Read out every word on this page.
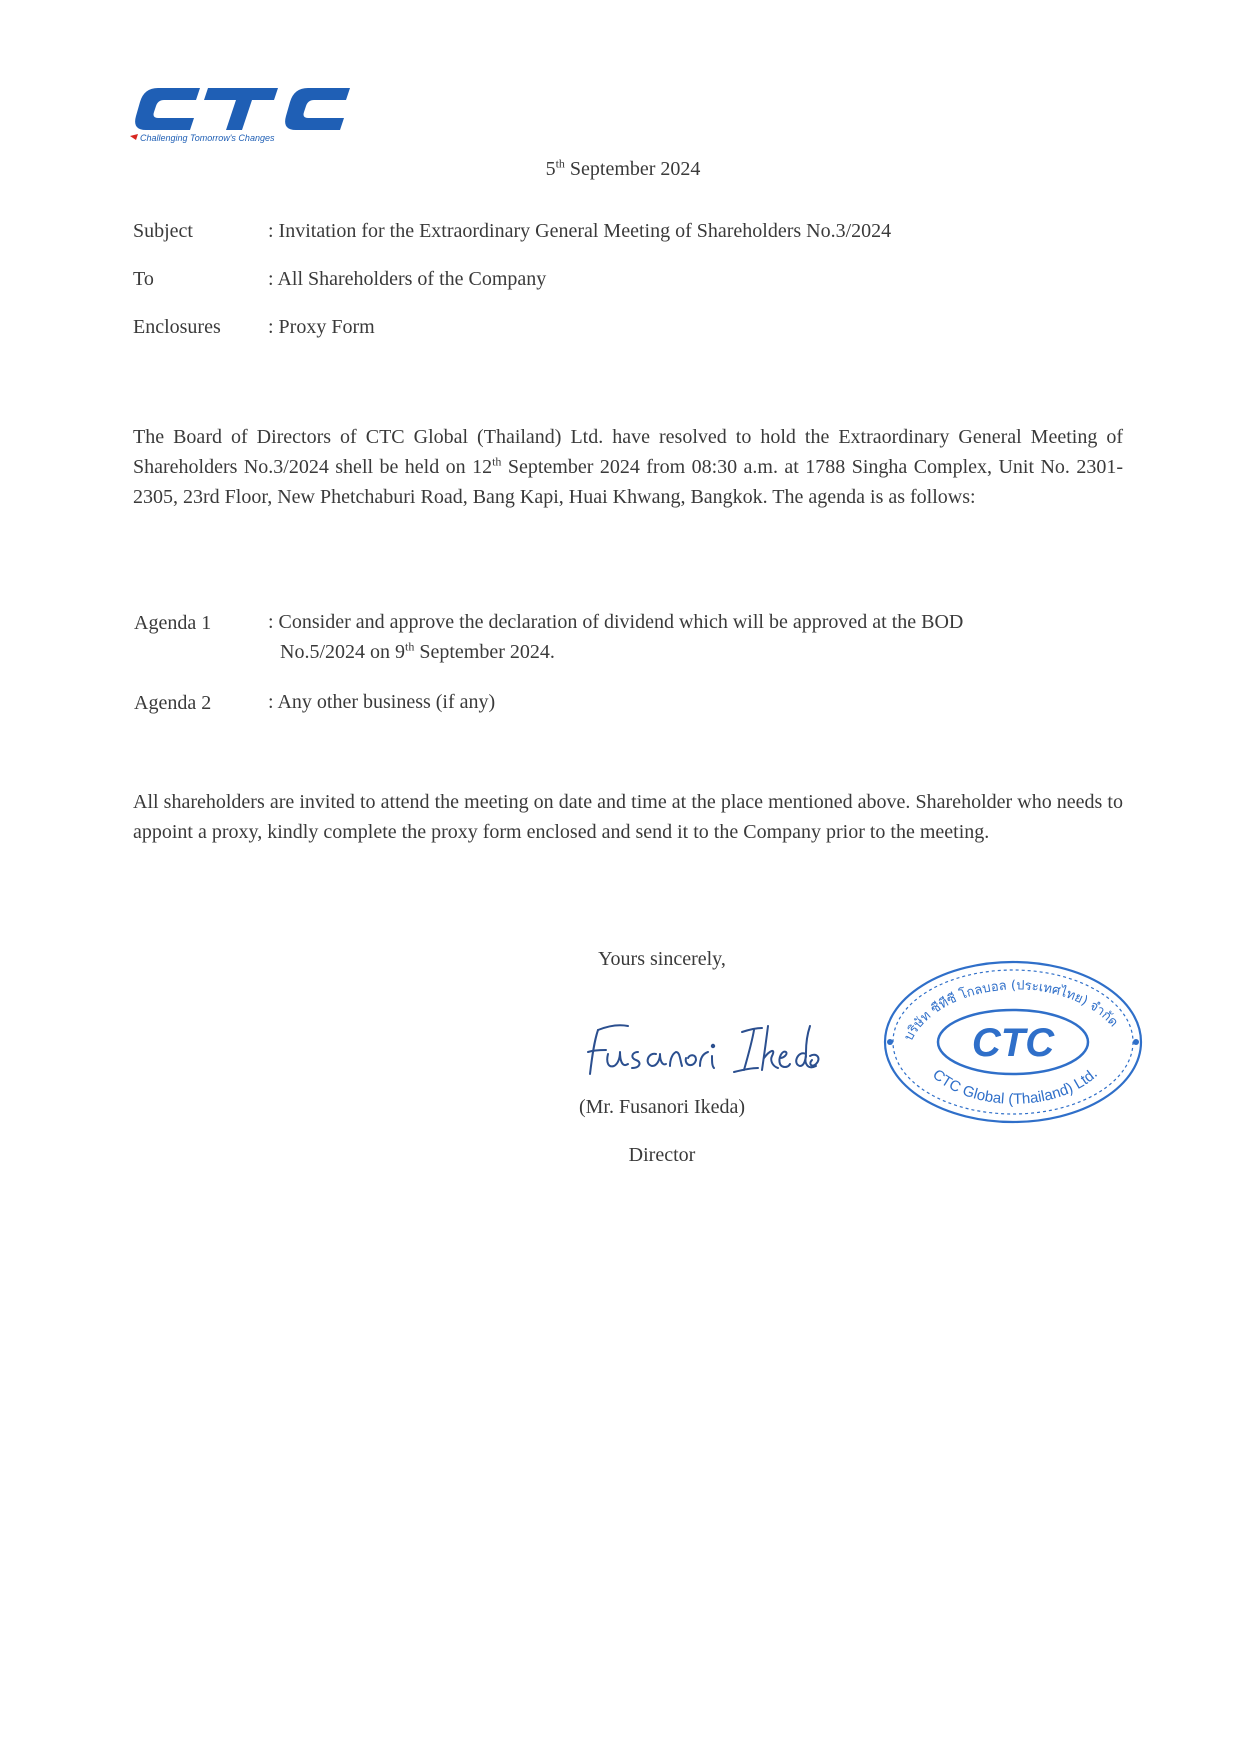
Challenging Tomorrow's Changes
5th September 2024
Subject	: Invitation for the Extraordinary General Meeting of Shareholders No.3/2024
To	: All Shareholders of the Company
Enclosures : Proxy Form
The Board of Directors of CTC Global (Thailand) Ltd. have resolved to hold the Extraordinary General Meeting of Shareholders No.3/2024 shell be held on 12th September 2024 from 08:30 a.m. at 1788 Singha Complex, Unit No. 2301-2305, 23rd Floor, New Phetchaburi Road, Bang Kapi, Huai Khwang, Bangkok. The agenda is as follows:
Agenda 1	: Consider and approve the declaration of dividend which will be approved at the BOD
No.5/2024 on 9th September 2024.
Agenda 2	: Any other business (if any)
All shareholders are invited to attend the meeting on date and time at the place mentioned above. Shareholder who needs to appoint a proxy, kindly complete the proxy form enclosed and send it to the Company prior to the meeting.
Yours sincerely,
(Mr. Fusanori Ikeda)
Director
บริษัท ซีทีซี โกลบอล (ประเทศไทย) จำกัด
CTC
CTC Global (Thailand) Ltd.
